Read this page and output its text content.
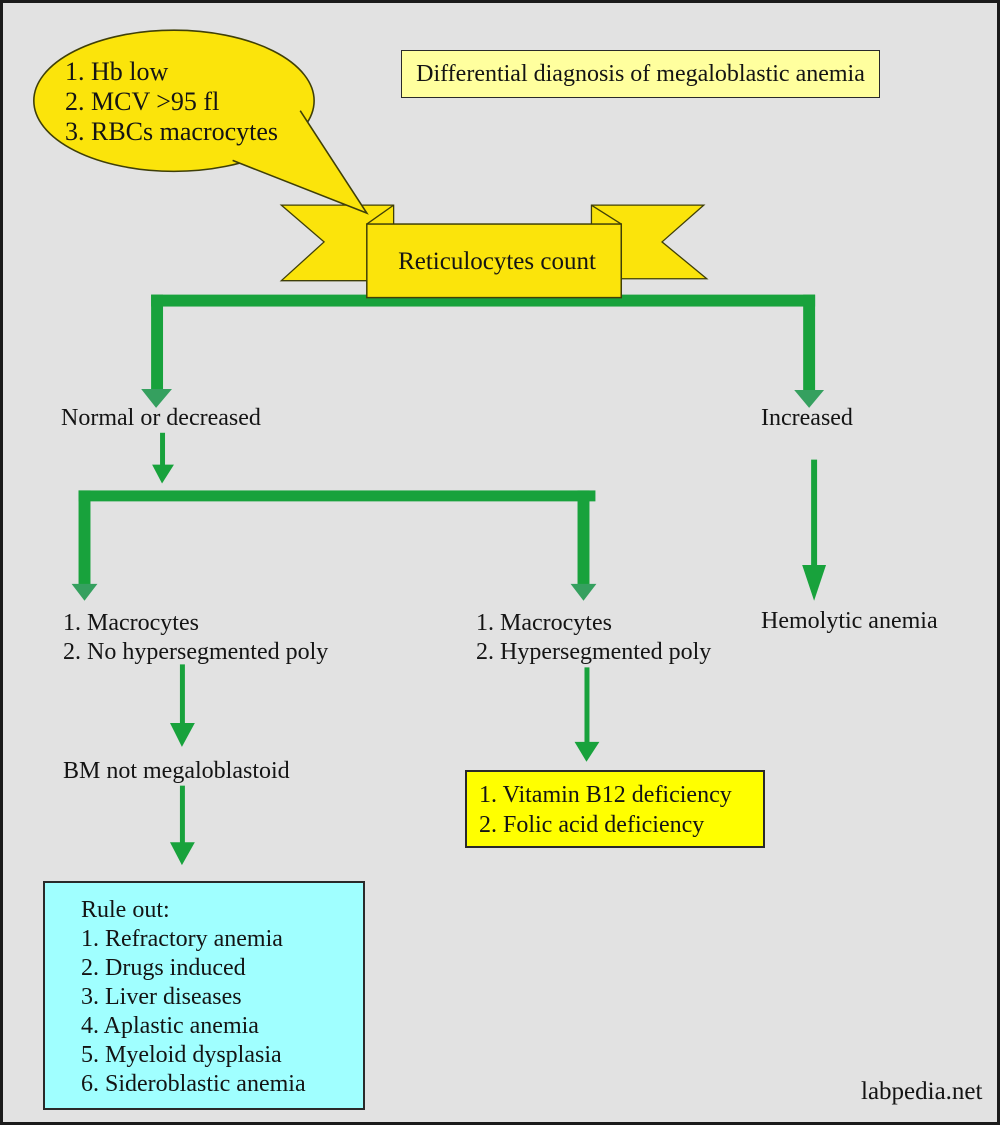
1. Hb low
2. MCV >95 fl
3. RBCs macrocytes
Differential diagnosis of megaloblastic anemia
Reticulocytes count
Normal or decreased	Increased
1. Macrocytes
2. No hypersegmented poly
1. Macrocytes
2. Hypersegmented poly
Hemolytic anemia
BM not megaloblastoid
1. Vitamin B12 deficiency
2. Folic acid deficiency
Rule out:
1. Refractory anemia
2. Drugs induced
3. Liver diseases
4. Aplastic anemia
5. Myeloid dysplasia
6. Sideroblastic anemia	labpedia.net
